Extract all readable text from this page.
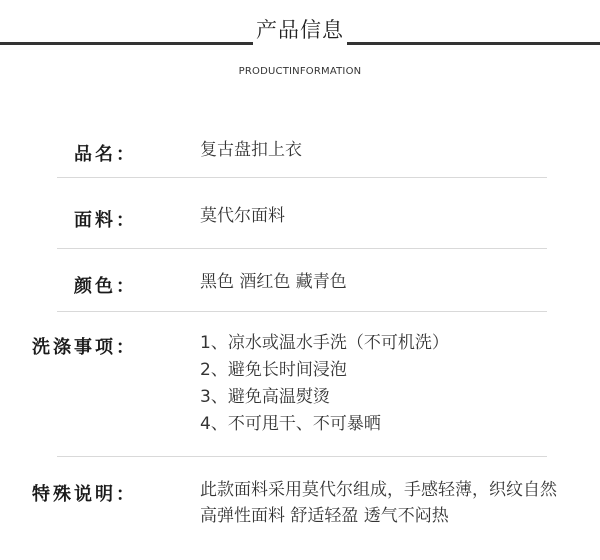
产品信息
PRODUCTINFORMATION
品名：	复古盘扣上衣
面料：	莫代尔面料
颜色：	黑色 酒红色 藏青色
洗涤事项：	1、凉水或温水手洗（不可机洗）
2、避免长时间浸泡
3、避免高温熨烫
4、不可甩干、不可暴晒
特殊说明：	此款面料采用莫代尔组成，手感轻薄，织纹自然
高弹性面料 舒适轻盈 透气不闷热
